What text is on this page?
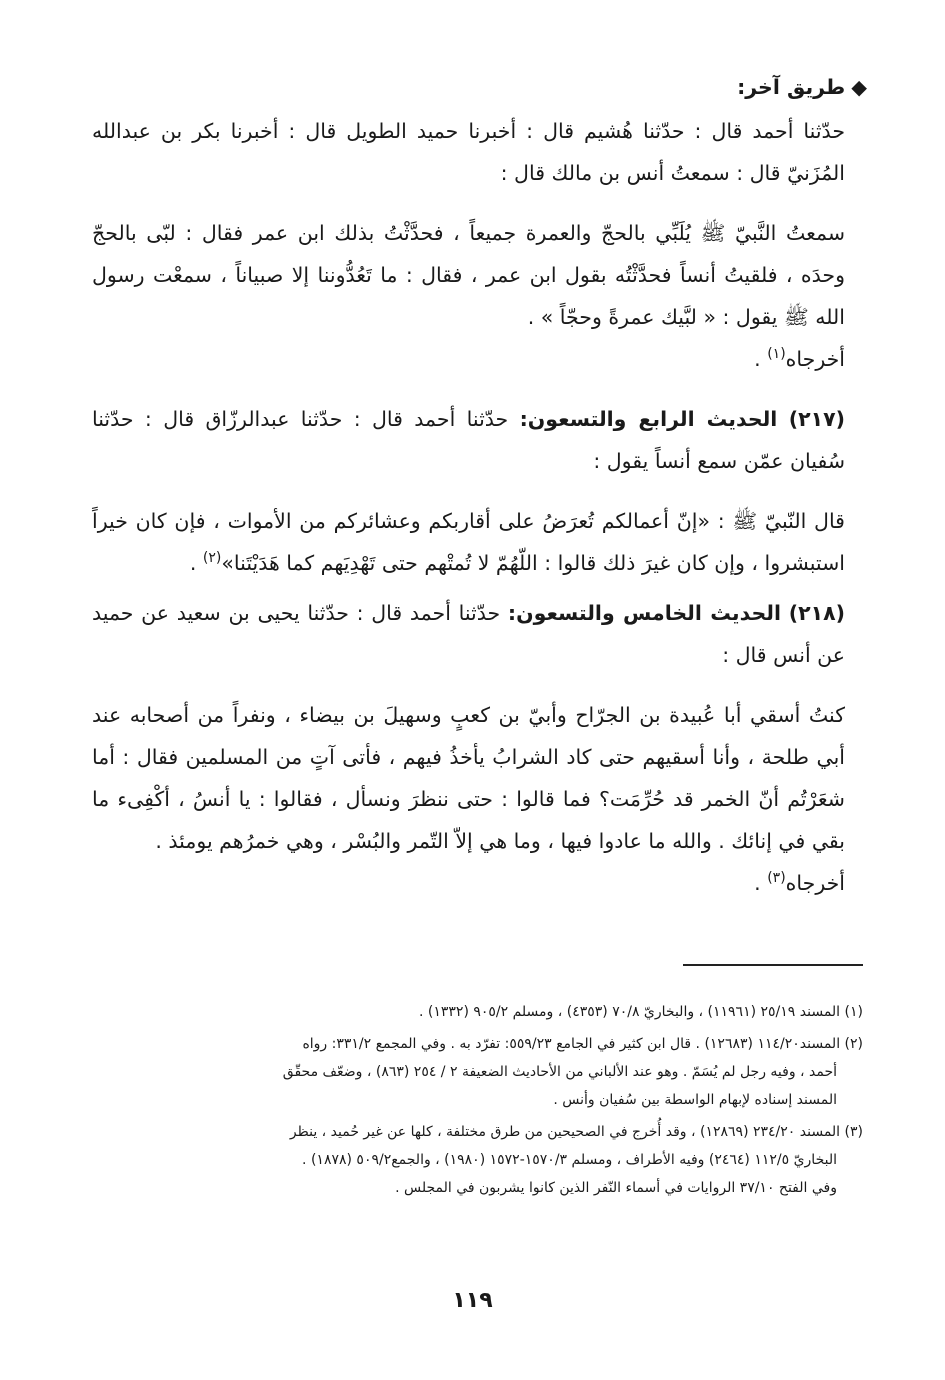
◆طريق آخر:

حدّثنا أحمد قال : حدّثنا هُشيم قال : أخبرنا حميد الطويل قال : أخبرنا بكر بن عبدالله المُزَنيّ قال : سمعتُ أنس بن مالك قال :

سمعتُ النَّبيّ ﷺ يُلَبِّي بالحجّ والعمرة جميعاً ، فحدَّثْتُ بذلك ابن عمر فقال : لبّى بالحجّ وحدَه ، فلقيتُ أنساً فحدَّثْتُه بقول ابن عمر ، فقال : ما تَعُدُّوننا إلا صبياناً ، سمعْت رسول الله ﷺ يقول : « لبَّيك عمرةً وحجّاً » .

أخرجاه$^{(١)}$ .

(٢١٧) الحديث الرابع والتسعون: حدّثنا أحمد قال : حدّثنا عبدالرزّاق قال : حدّثنا سُفيان عمّن سمع أنساً يقول :

قال النّبيّ ﷺ : «إنّ أعمالكم تُعرَضُ على أقاربكم وعشائركم من الأموات ، فإن كان خيراً استبشروا ، وإن كان غيرَ ذلك قالوا : اللّهُمّ لا تُمتْهم حتى تَهْدِيَهم كما هَدَيْتَنا»$^{(٢)}$ .

(٢١٨) الحديث الخامس والتسعون: حدّثنا أحمد قال : حدّثنا يحيى بن سعيد عن حميد عن أنس قال :

كنتُ أسقي أبا عُبيدة بن الجرّاح وأبيّ بن كعبٍ وسهيلَ بن بيضاء ، ونفراً من أصحابه عند أبي طلحة ، وأنا أسقيهم حتى كاد الشرابُ يأخذُ فيهم ، فأتى آتٍ من المسلمين فقال : أما شعَرْتُم أنّ الخمر قد حُرِّمَت؟ فما قالوا : حتى ننظرَ ونسأل ، فقالوا : يا أنسُ ، أكْفِىء ما بقي في إنائك . والله ما عادوا فيها ، وما هي إلاّ التّمر والبُسْر ، وهي خمرُهم يومئذ .

أخرجاه$^{(٣)}$ .

(١) المسند ٢٥/١٩ (١١٩٦١) ، والبخاريّ ٧٠/٨ (٤٣٥٣) ، ومسلم ٩٠٥/٢ (١٣٣٢) .

(٢) المسند١١٤/٢٠ (١٢٦٨٣) . قال ابن كثير في الجامع ٥٥٩/٢٣: تفرّد به . وفي المجمع ٣٣١/٢: رواه
أحمد ، وفيه رجل لم يُسَمّ . وهو عند الألباني من الأحاديث الضعيفة ٢ / ٢٥٤ (٨٦٣) ، وضعّف محقّق
المسند إسناده لإبهام الواسطة بين سُفيان وأنس .

(٣) المسند ٢٣٤/٢٠ (١٢٨٦٩) ، وقد أُخرج في الصحيحين من طرق مختلفة ، كلها عن غير حُميد ، ينظر
البخاريّ ١١٢/٥ (٢٤٦٤) وفيه الأطراف ، ومسلم ١٥٧٠/٣-١٥٧٢ (١٩٨٠) ، والجمع٥٠٩/٢ (١٨٧٨) .
وفي الفتح ٣٧/١٠ الروايات في أسماء النّفر الذين كانوا يشربون في المجلس .

١١٩
